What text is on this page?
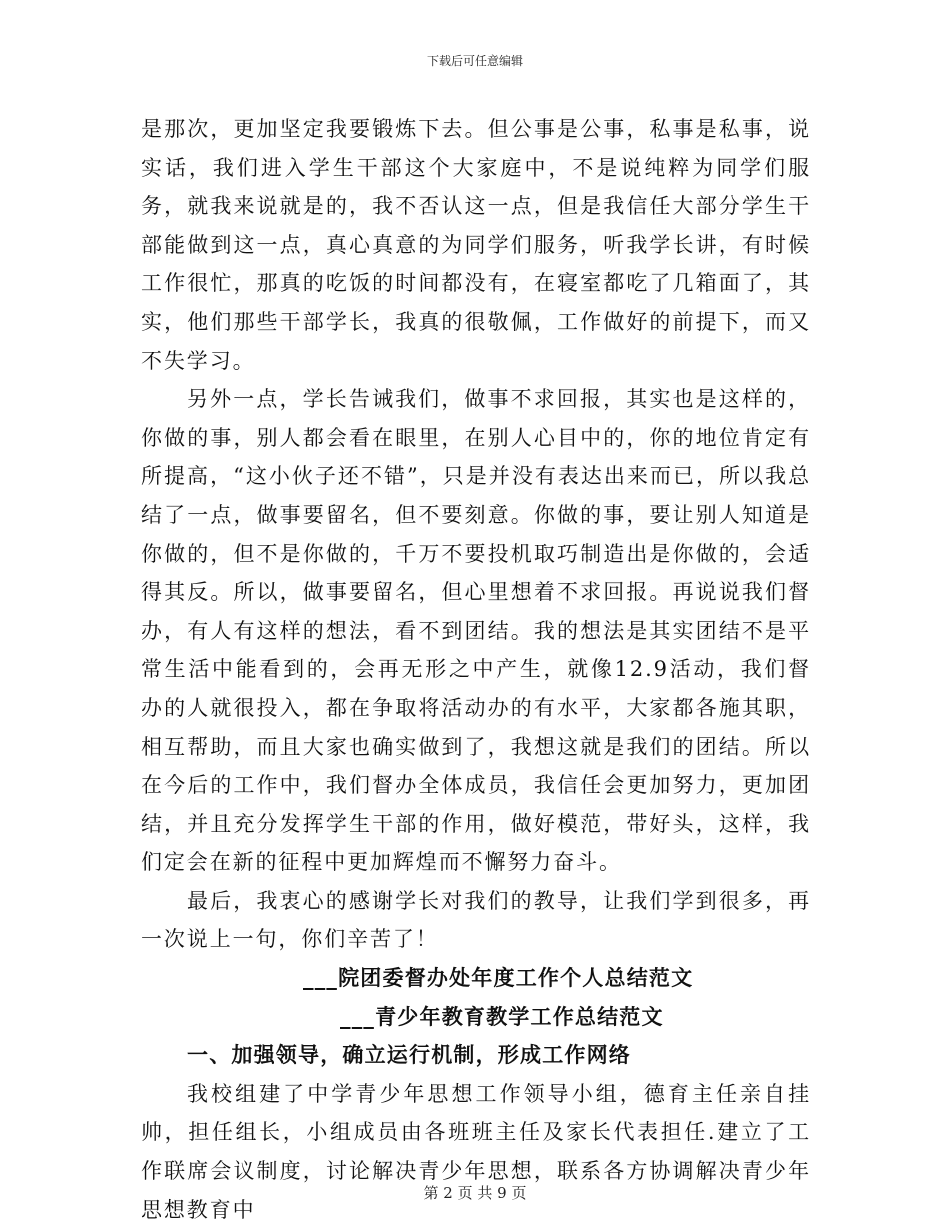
下载后可任意编辑

是那次，更加坚定我要锻炼下去。但公事是公事，私事是私事，说实话，我们进入学生干部这个大家庭中，不是说纯粹为同学们服务，就我来说就是的，我不否认这一点，但是我信任大部分学生干部能做到这一点，真心真意的为同学们服务，听我学长讲，有时候工作很忙，那真的吃饭的时间都没有，在寝室都吃了几箱面了，其实，他们那些干部学长，我真的很敬佩，工作做好的前提下，而又不失学习。

另外一点，学长告诫我们，做事不求回报，其实也是这样的，你做的事，别人都会看在眼里，在别人心目中的，你的地位肯定有所提高，“这小伙子还不错”，只是并没有表达出来而已，所以我总结了一点，做事要留名，但不要刻意。你做的事，要让别人知道是你做的，但不是你做的，千万不要投机取巧制造出是你做的，会适得其反。所以，做事要留名，但心里想着不求回报。再说说我们督办，有人有这样的想法，看不到团结。我的想法是其实团结不是平常生活中能看到的，会再无形之中产生，就像12.9活动，我们督办的人就很投入，都在争取将活动办的有水平，大家都各施其职，相互帮助，而且大家也确实做到了，我想这就是我们的团结。所以在今后的工作中，我们督办全体成员，我信任会更加努力，更加团结，并且充分发挥学生干部的作用，做好模范，带好头，这样，我们定会在新的征程中更加辉煌而不懈努力奋斗。

最后，我衷心的感谢学长对我们的教导，让我们学到很多，再一次说上一句，你们辛苦了！

___院团委督办处年度工作个人总结范文
___青少年教育教学工作总结范文
一、加强领导，确立运行机制，形成工作网络

我校组建了中学青少年思想工作领导小组，德育主任亲自挂帅，担任组长，小组成员由各班班主任及家长代表担任.建立了工作联席会议制度，讨论解决青少年思想，联系各方协调解决青少年思想教育中

第 2 页 共 9 页
